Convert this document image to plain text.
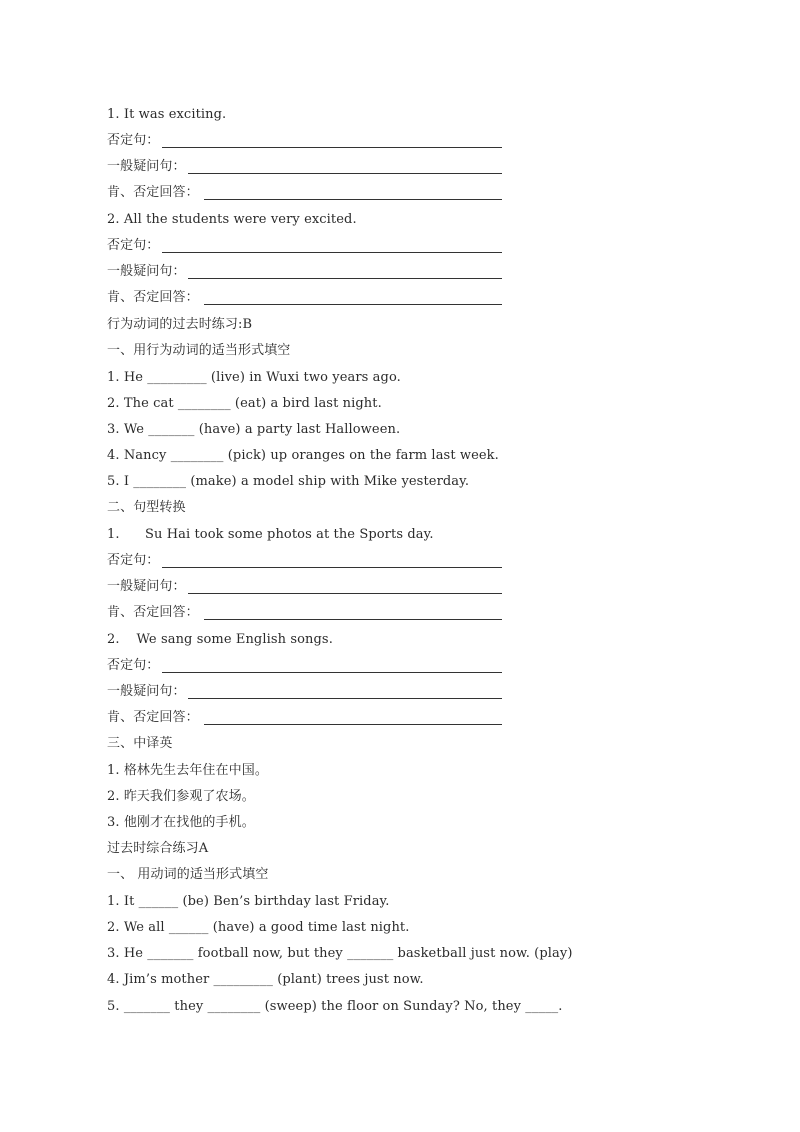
1. It was exciting.
否定句：
一般疑问句：
肯、否定回答：
2. All the students were very excited.
否定句：
一般疑问句：
肯、否定回答：
行为动词的过去时练习:B
一、用行为动词的适当形式填空
1. He _________ (live) in Wuxi two years ago.
2. The cat ________ (eat) a bird last night.
3. We _______ (have) a party last Halloween.
4. Nancy ________ (pick) up oranges on the farm last week.
5. I ________ (make) a model ship with Mike yesterday.
二、句型转换
1.      Su Hai took some photos at the Sports day.
否定句：
一般疑问句：
肯、否定回答：
2.    We sang some English songs.
否定句：
一般疑问句：
肯、否定回答：
三、中译英
1. 格林先生去年住在中国。
2. 昨天我们参观了农场。
3. 他刚才在找他的手机。
过去时综合练习A
一、 用动词的适当形式填空
1. It ______ (be) Ben’s birthday last Friday.
2. We all ______ (have) a good time last night.
3. He _______ football now, but they _______ basketball just now. (play)
4. Jim’s mother _________ (plant) trees just now.
5. _______ they ________ (sweep) the floor on Sunday? No, they _____.
